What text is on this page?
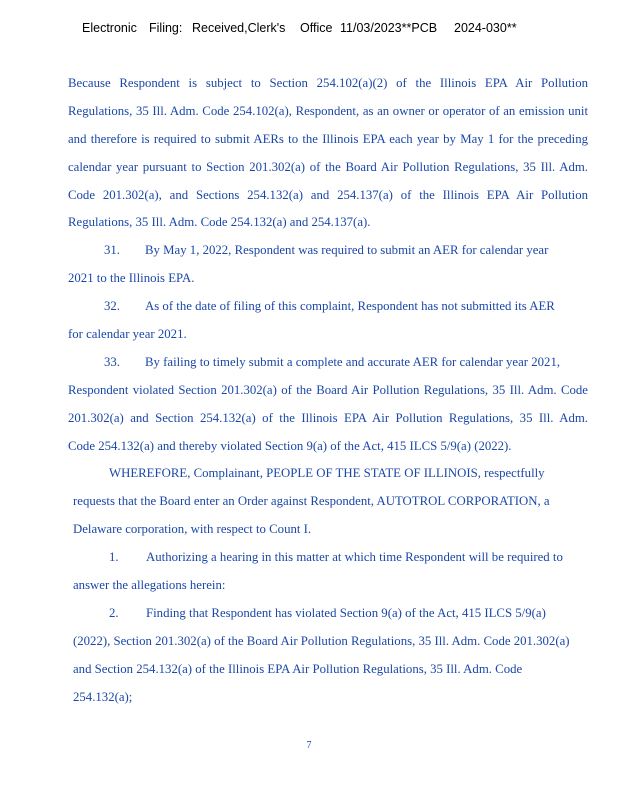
Electronic Filing: Received,Clerk's Office 11/03/2023**PCB 2024-030**
Because Respondent is subject to Section 254.102(a)(2) of the Illinois EPA Air Pollution
Regulations, 35 Ill. Adm. Code 254.102(a), Respondent, as an owner or operator of an emission unit
and therefore is required to submit AERs to the Illinois EPA each year by May 1 for the preceding
calendar year pursuant to Section 201.302(a) of the Board Air Pollution Regulations, 35 Ill. Adm.
Code 201.302(a), and Sections 254.132(a) and 254.137(a) of the Illinois EPA Air Pollution
Regulations, 35 Ill. Adm. Code 254.132(a) and 254.137(a).
31. By May 1, 2022, Respondent was required to submit an AER for calendar year
2021 to the Illinois EPA.
32. As of the date of filing of this complaint, Respondent has not submitted its AER
for calendar year 2021.
33. By failing to timely submit a complete and accurate AER for calendar year 2021,
Respondent violated Section 201.302(a) of the Board Air Pollution Regulations, 35 Ill. Adm. Code
201.302(a) and Section 254.132(a) of the Illinois EPA Air Pollution Regulations, 35 Ill. Adm.
Code 254.132(a) and thereby violated Section 9(a) of the Act, 415 ILCS 5/9(a) (2022).
WHEREFORE, Complainant, PEOPLE OF THE STATE OF ILLINOIS, respectfully
requests that the Board enter an Order against Respondent, AUTOTROL CORPORATION, a
Delaware corporation, with respect to Count I.
1. Authorizing a hearing in this matter at which time Respondent will be required to
answer the allegations herein:
2. Finding that Respondent has violated Section 9(a) of the Act, 415 ILCS 5/9(a)
(2022), Section 201.302(a) of the Board Air Pollution Regulations, 35 Ill. Adm. Code 201.302(a)
and Section 254.132(a) of the Illinois EPA Air Pollution Regulations, 35 Ill. Adm. Code
254.132(a);
7
